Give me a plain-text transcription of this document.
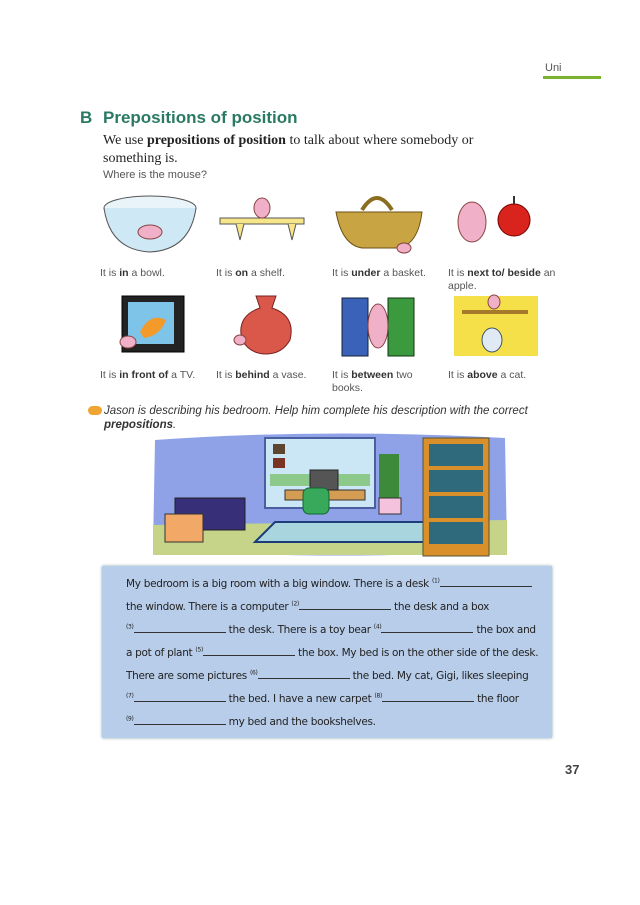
Uni
B Prepositions of position
We use prepositions of position to talk about where somebody or something is.
Where is the mouse?
It is in a bowl.	It is on a shelf.	It is under a basket.	It is next to/ beside an apple.
It is in front of a TV.	It is behind a vase.	It is between two books.
It is above a cat.
Jason is describing his bedroom. Help him complete his description with the correct prepositions.
My bedroom is a big room with a big window. There is a desk $^{(1)}$
the window. There is a computer $^{(2)}$	the desk and a box
$^{(3)}$	the desk. There is a toy bear $^{(4)}$	the box and
a pot of plant $^{(5)}$	the box. My bed is on the other side of the desk.
There are some pictures $^{(6)}$	the bed. My cat, Gigi, likes sleeping
$^{(7)}$	the bed. I have a new carpet $^{(8)}$	the floor
$^{(9)}$	my bed and the bookshelves.
37
